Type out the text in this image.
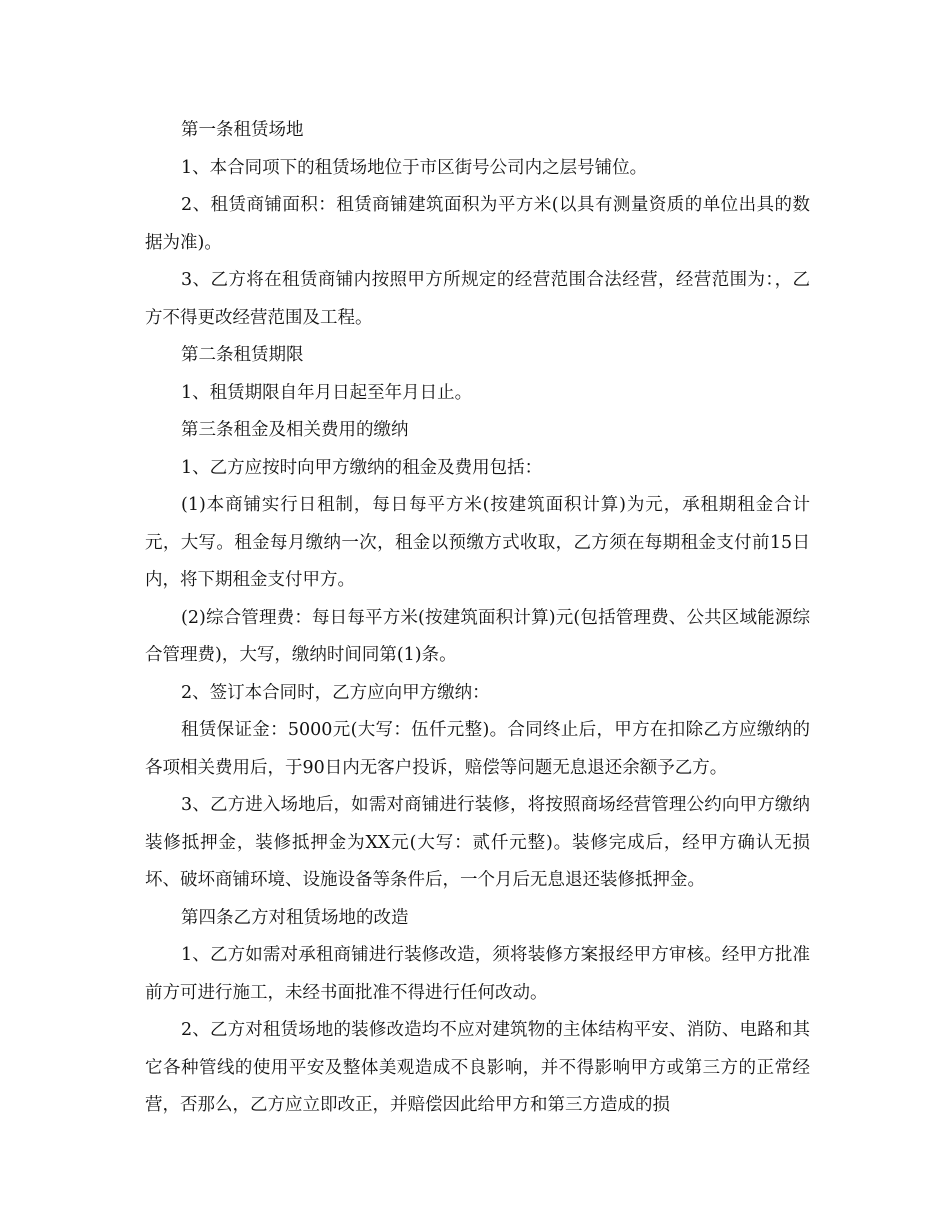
第一条租赁场地

1、本合同项下的租赁场地位于市区街号公司内之层号铺位。

2、租赁商铺面积：租赁商铺建筑面积为平方米(以具有测量资质的单位出具的数据为准)。

3、乙方将在租赁商铺内按照甲方所规定的经营范围合法经营，经营范围为：，乙方不得更改经营范围及工程。

第二条租赁期限

1、租赁期限自年月日起至年月日止。

第三条租金及相关费用的缴纳

1、乙方应按时向甲方缴纳的租金及费用包括：

(1)本商铺实行日租制，每日每平方米(按建筑面积计算)为元，承租期租金合计元，大写。租金每月缴纳一次，租金以预缴方式收取，乙方须在每期租金支付前15日内，将下期租金支付甲方。

(2)综合管理费：每日每平方米(按建筑面积计算)元(包括管理费、公共区域能源综合管理费)，大写，缴纳时间同第(1)条。

2、签订本合同时，乙方应向甲方缴纳：

租赁保证金：5000元(大写：伍仟元整)。合同终止后，甲方在扣除乙方应缴纳的各项相关费用后，于90日内无客户投诉，赔偿等问题无息退还余额予乙方。

3、乙方进入场地后，如需对商铺进行装修，将按照商场经营管理公约向甲方缴纳装修抵押金，装修抵押金为XX元(大写：贰仟元整)。装修完成后，经甲方确认无损坏、破坏商铺环境、设施设备等条件后，一个月后无息退还装修抵押金。

第四条乙方对租赁场地的改造

1、乙方如需对承租商铺进行装修改造，须将装修方案报经甲方审核。经甲方批准前方可进行施工，未经书面批准不得进行任何改动。

2、乙方对租赁场地的装修改造均不应对建筑物的主体结构平安、消防、电路和其它各种管线的使用平安及整体美观造成不良影响，并不得影响甲方或第三方的正常经营，否那么，乙方应立即改正，并赔偿因此给甲方和第三方造成的损
